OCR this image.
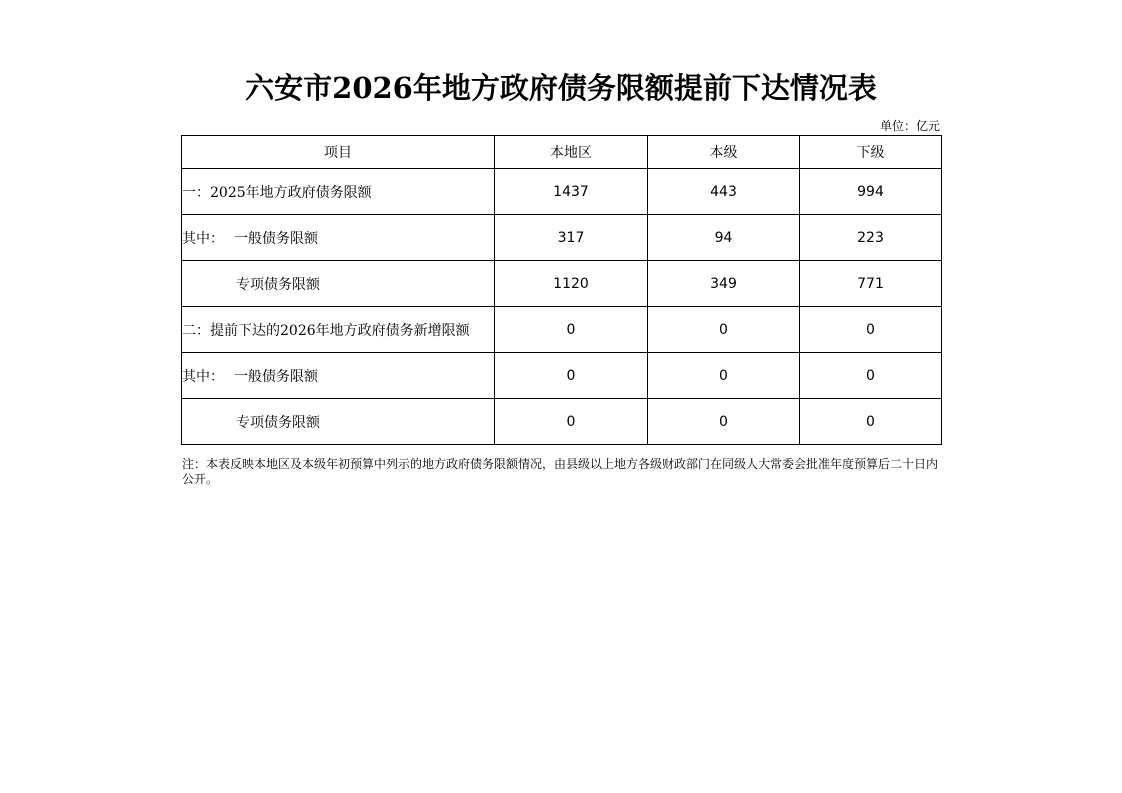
六安市2026年地方政府债务限额提前下达情况表
单位：亿元
项目	本地区	本级	下级
一：2025年地方政府债务限额	1437	443	994
其中： 一般债务限额	317	94	223
专项债务限额	1120	349	771
二：提前下达的2026年地方政府债务新增限额	0	0	0
其中： 一般债务限额	0	0	0
专项债务限额	0	0	0
注：本表反映本地区及本级年初预算中列示的地方政府债务限额情况，由县级以上地方各级财政部门在同级人大常委会批准年度预算后二十日内公开。
